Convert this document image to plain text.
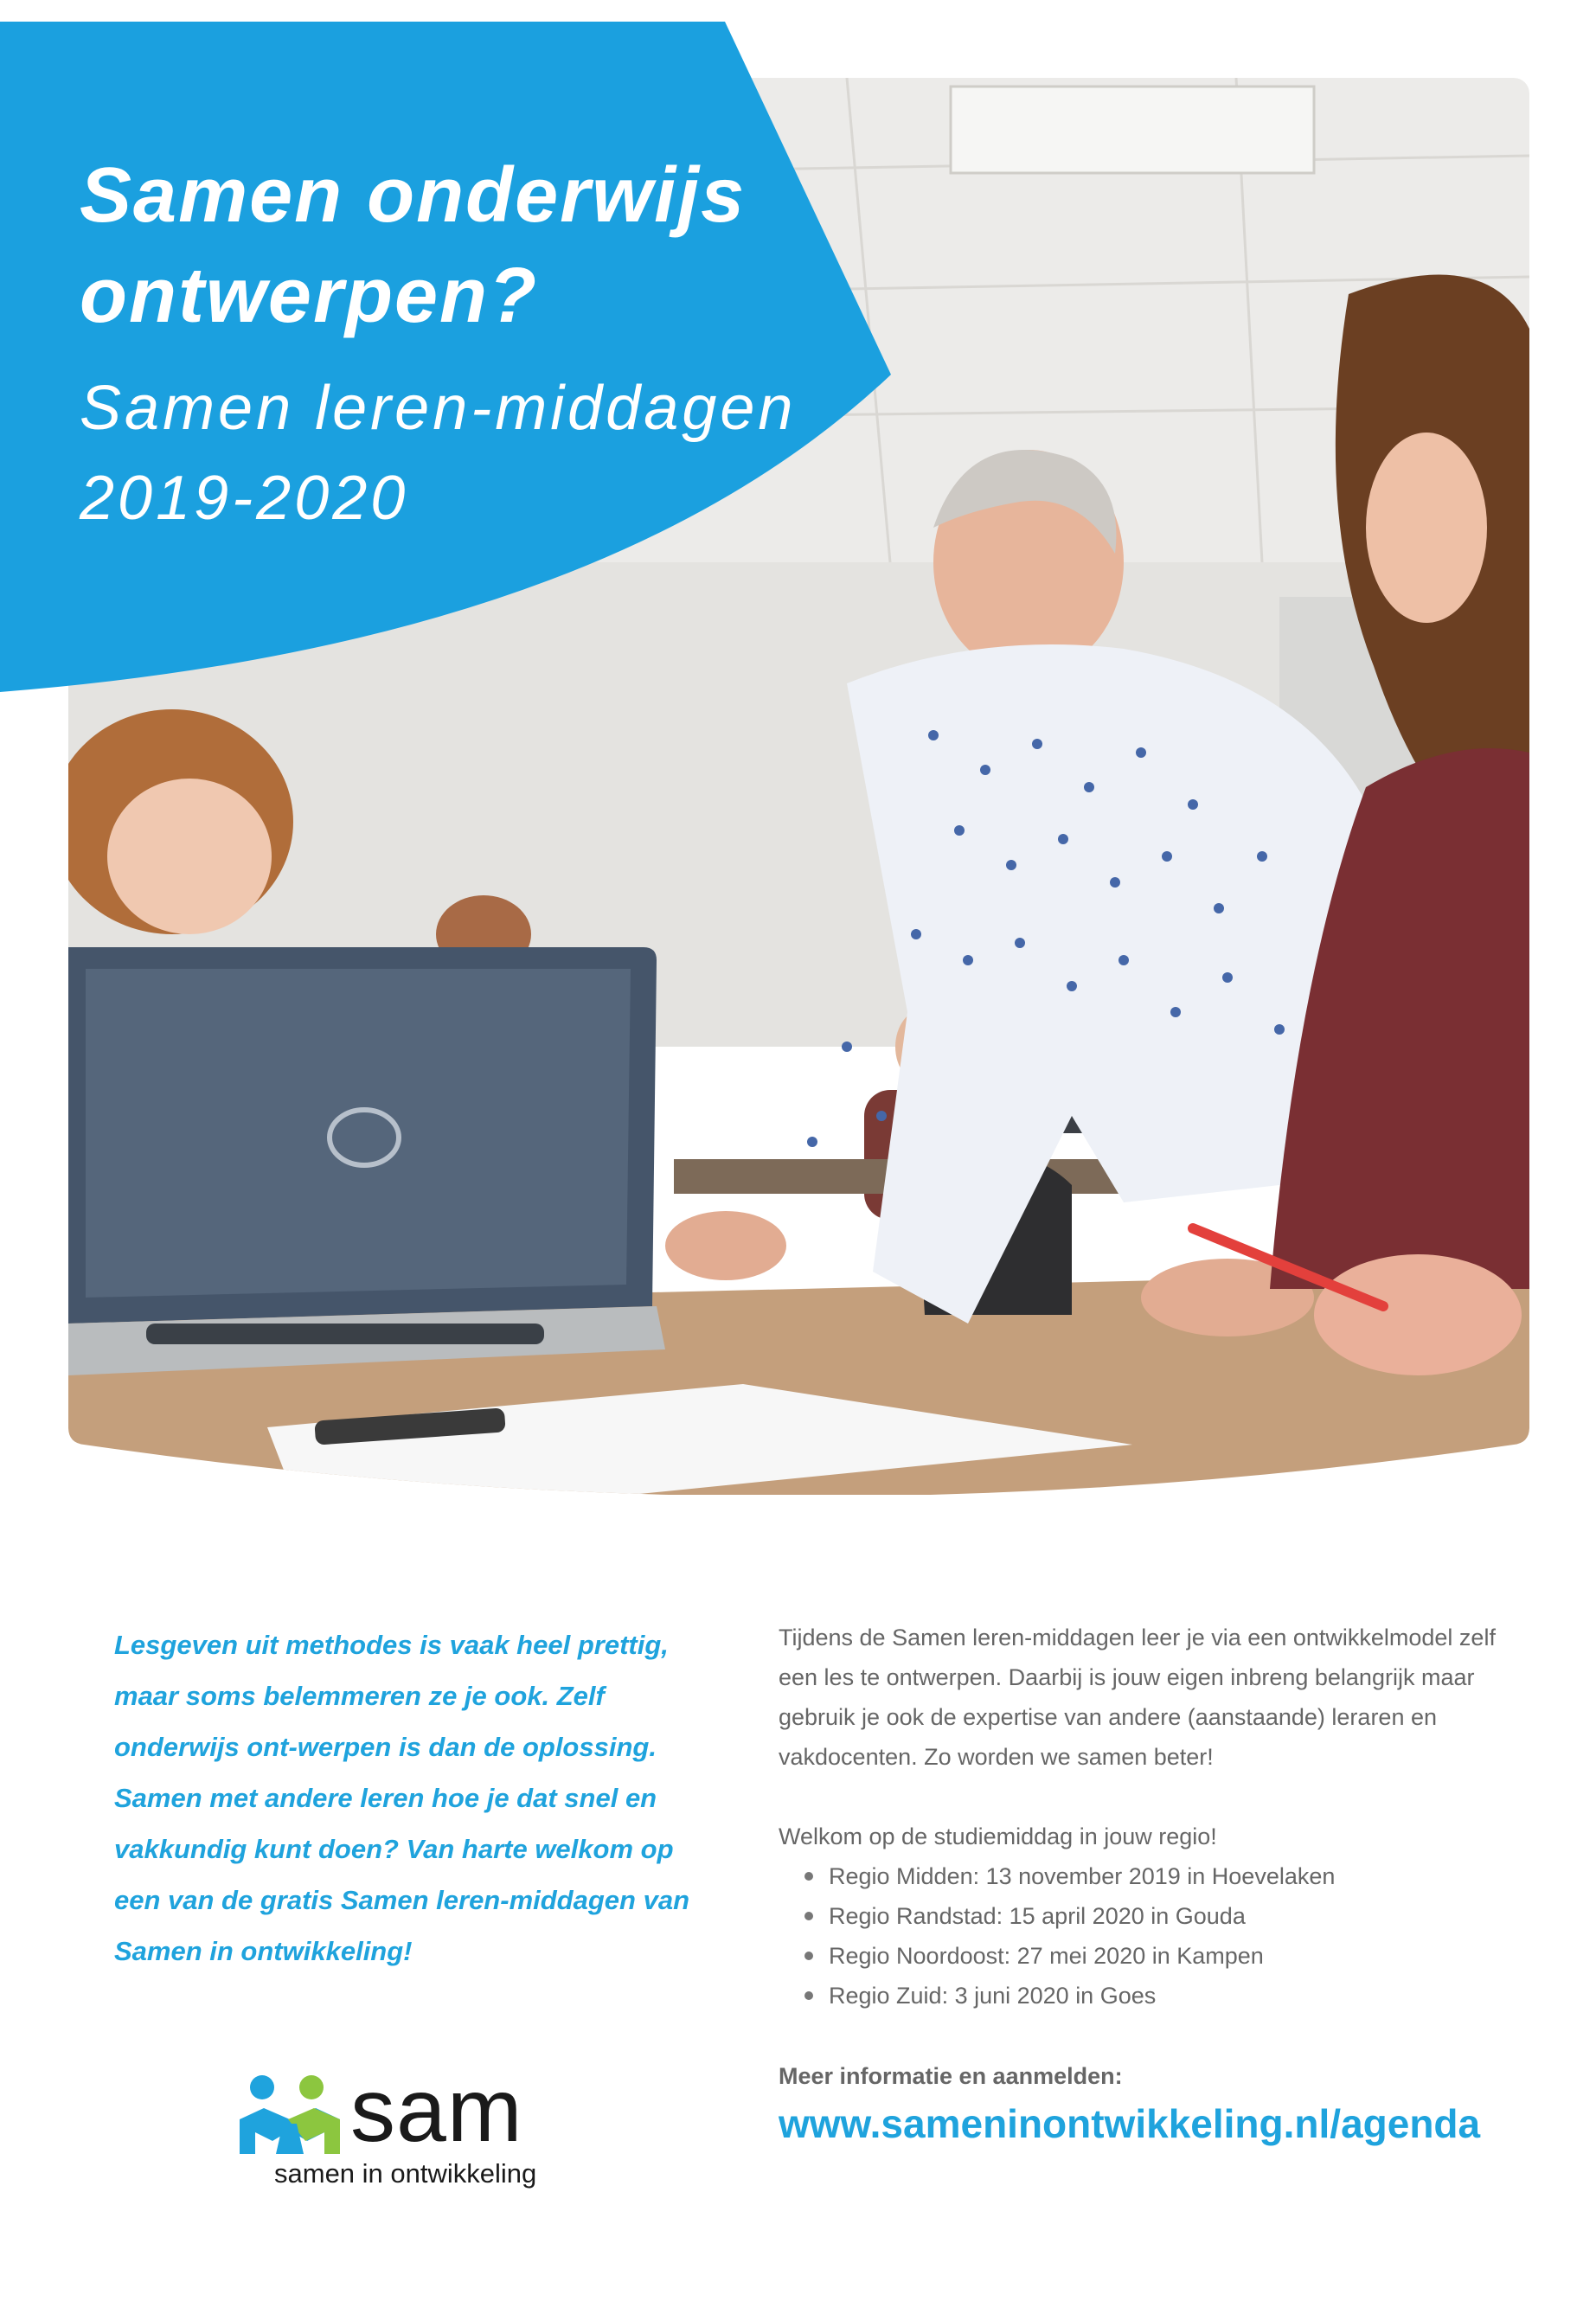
Samen onderwijs ontwerpen?
Samen leren-middagen 2019-2020

Lesgeven uit methodes is vaak heel prettig, maar soms belemmeren ze je ook. Zelf onderwijs ont-werpen is dan de oplossing. Samen met andere leren hoe je dat snel en vakkundig kunt doen? Van harte welkom op een van de gratis Samen leren-middagen van Samen in ontwikkeling!

Tijdens de Samen leren-middagen leer je via een ontwikkelmodel zelf een les te ontwerpen. Daarbij is jouw eigen inbreng belangrijk maar gebruik je ook de expertise van andere (aanstaande) leraren en vakdocenten. Zo worden we samen beter!

Welkom op de studiemiddag in jouw regio!

Regio Midden: 13 november 2019 in Hoevelaken
Regio Randstad: 15 april 2020 in Gouda
Regio Noordoost: 27 mei 2020 in Kampen
Regio Zuid: 3 juni 2020 in Goes

Meer informatie en aanmelden:

www.sameninontwikkeling.nl/agenda

sam

samen in ontwikkeling
